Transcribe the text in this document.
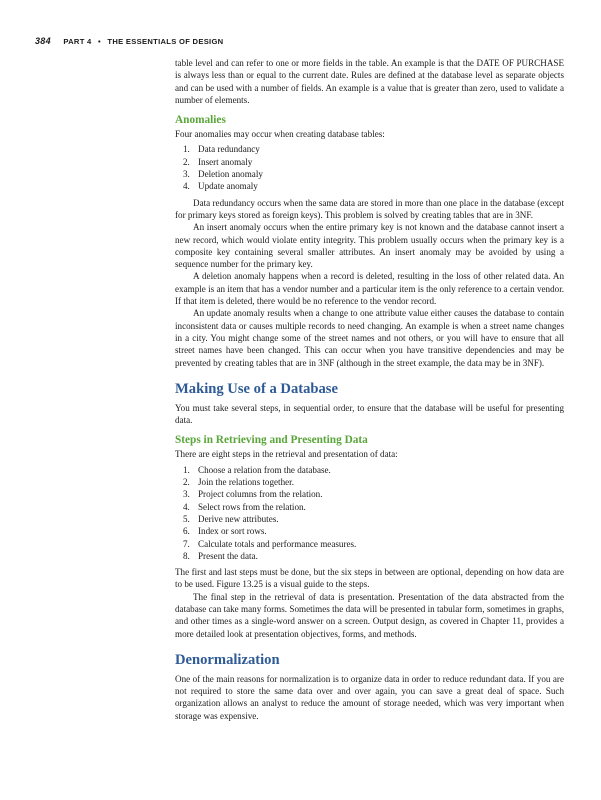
384 PART 4 • THE ESSENTIALS OF DESIGN

table level and can refer to one or more fields in the table. An example is that the DATE OF PURCHASE is always less than or equal to the current date. Rules are defined at the database level as separate objects and can be used with a number of fields. An example is a value that is greater than zero, used to validate a number of elements.

Anomalies

Four anomalies may occur when creating database tables:

1. Data redundancy
2. Insert anomaly
3. Deletion anomaly
4. Update anomaly

Data redundancy occurs when the same data are stored in more than one place in the database (except for primary keys stored as foreign keys). This problem is solved by creating tables that are in 3NF.

An insert anomaly occurs when the entire primary key is not known and the database cannot insert a new record, which would violate entity integrity. This problem usually occurs when the primary key is a composite key containing several smaller attributes. An insert anomaly may be avoided by using a sequence number for the primary key.

A deletion anomaly happens when a record is deleted, resulting in the loss of other related data. An example is an item that has a vendor number and a particular item is the only reference to a certain vendor. If that item is deleted, there would be no reference to the vendor record.

An update anomaly results when a change to one attribute value either causes the database to contain inconsistent data or causes multiple records to need changing. An example is when a street name changes in a city. You might change some of the street names and not others, or you will have to ensure that all street names have been changed. This can occur when you have transitive dependencies and may be prevented by creating tables that are in 3NF (although in the street example, the data may be in 3NF).

Making Use of a Database

You must take several steps, in sequential order, to ensure that the database will be useful for presenting data.

Steps in Retrieving and Presenting Data

There are eight steps in the retrieval and presentation of data:

1. Choose a relation from the database.
2. Join the relations together.
3. Project columns from the relation.
4. Select rows from the relation.
5. Derive new attributes.
6. Index or sort rows.
7. Calculate totals and performance measures.
8. Present the data.

The first and last steps must be done, but the six steps in between are optional, depending on how data are to be used. Figure 13.25 is a visual guide to the steps.

The final step in the retrieval of data is presentation. Presentation of the data abstracted from the database can take many forms. Sometimes the data will be presented in tabular form, sometimes in graphs, and other times as a single-word answer on a screen. Output design, as covered in Chapter 11, provides a more detailed look at presentation objectives, forms, and methods.

Denormalization

One of the main reasons for normalization is to organize data in order to reduce redundant data. If you are not required to store the same data over and over again, you can save a great deal of space. Such organization allows an analyst to reduce the amount of storage needed, which was very important when storage was expensive.
